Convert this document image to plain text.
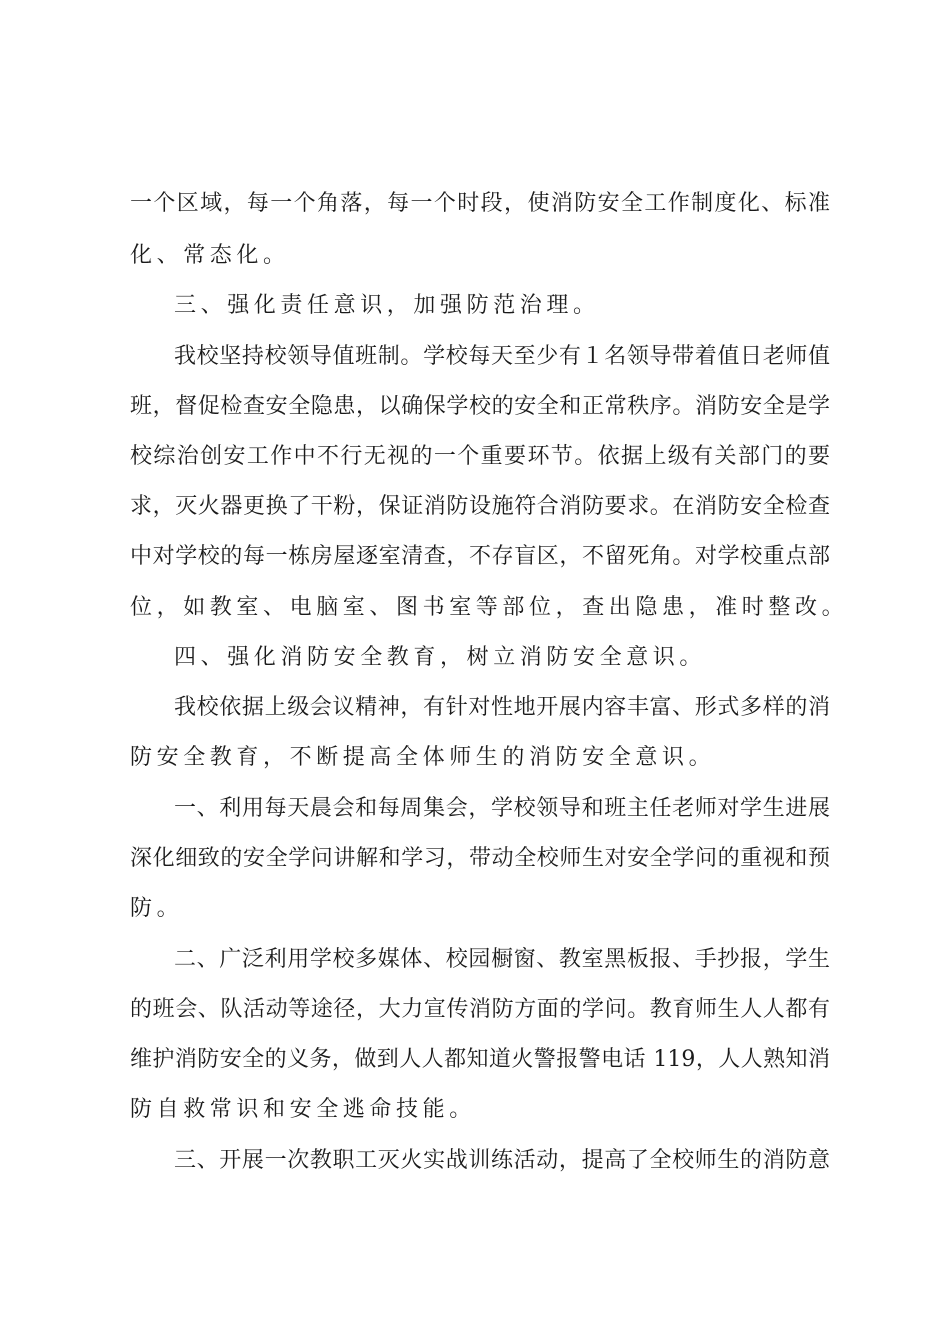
一个区域，每一个角落，每一个时段，使消防安全工作制度化、标准
化、常态化。
三、强化责任意识，加强防范治理。
我校坚持校领导值班制。学校每天至少有１名领导带着值日老师值
班，督促检查安全隐患，以确保学校的安全和正常秩序。消防安全是学
校综治创安工作中不行无视的一个重要环节。依据上级有关部门的要
求，灭火器更换了干粉，保证消防设施符合消防要求。在消防安全检查
中对学校的每一栋房屋逐室清查，不存盲区，不留死角。对学校重点部
位，如教室、电脑室、图书室等部位，查出隐患，准时整改。
四、强化消防安全教育，树立消防安全意识。
我校依据上级会议精神，有针对性地开展内容丰富、形式多样的消
防安全教育，不断提高全体师生的消防安全意识。
一、利用每天晨会和每周集会，学校领导和班主任老师对学生进展
深化细致的安全学问讲解和学习，带动全校师生对安全学问的重视和预
防。
二、广泛利用学校多媒体、校园橱窗、教室黑板报、手抄报，学生
的班会、队活动等途径，大力宣传消防方面的学问。教育师生人人都有
维护消防安全的义务，做到人人都知道火警报警电话 119，人人熟知消
防自救常识和安全逃命技能。
三、开展一次教职工灭火实战训练活动，提高了全校师生的消防意
